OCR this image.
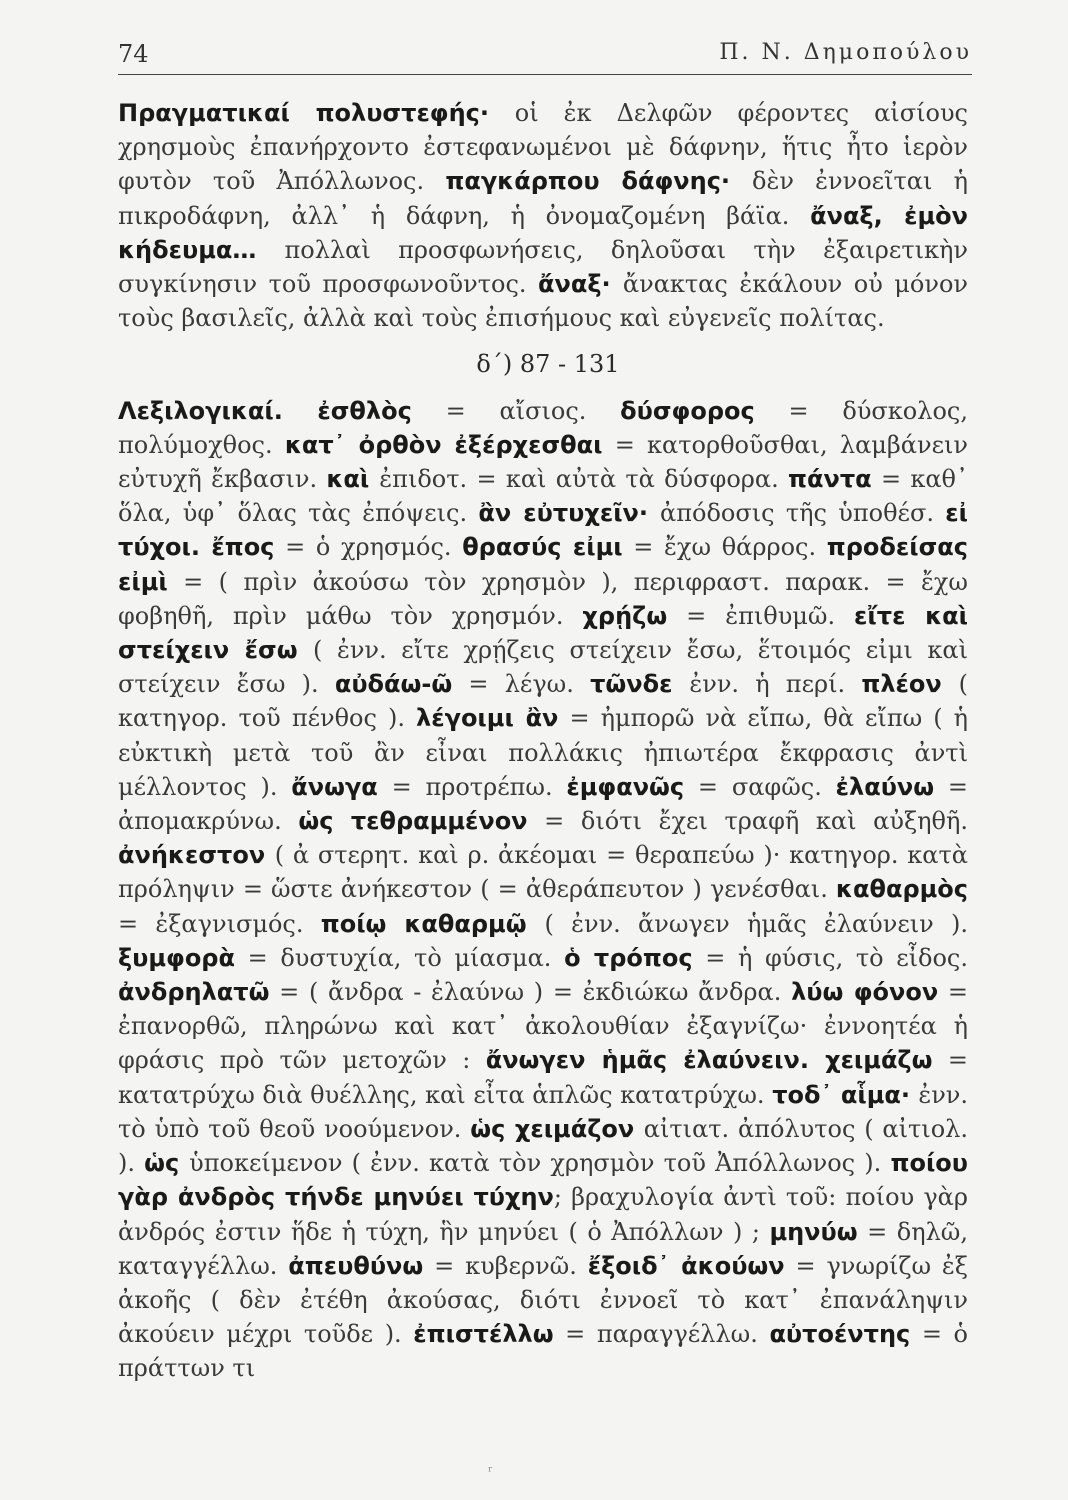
74	Π. Ν. Δημοπούλου

Πραγματικαί πολυστεφής· οἱ ἐκ Δελφῶν φέροντες αἰσίους χρησμοὺς ἐπανήρχοντο ἐστεφανωμένοι μὲ δάφνην, ἥτις ἦτο ἱερὸν φυτὸν τοῦ Ἀπόλλωνος. παγκάρπου δάφνης· δὲν ἐννοεῖται ἡ πικροδάφνη, ἀλλ᾿ ἡ δάφνη, ἡ ὀνομαζομένη βάϊα. ἄναξ, ἐμὸν κήδευμα… πολλαὶ προσφωνήσεις, δηλοῦσαι τὴν ἐξαιρετικὴν συγκίνησιν τοῦ προσφωνοῦντος. ἄναξ· ἄνακτας ἐκάλουν οὐ μόνον τοὺς βασιλεῖς, ἀλλὰ καὶ τοὺς ἐπισήμους καὶ εὐγενεῖς πολίτας.

δ΄) 87 - 131

Λεξιλογικαί. ἐσθλὸς = αἴσιος. δύσφορος = δύσκολος, πολύμοχθος. κατ᾿ ὀρθὸν ἐξέρχεσθαι = κατορθοῦσθαι, λαμβάνειν εὐτυχῆ ἔκβασιν. καὶ ἐπιδοτ. = καὶ αὐτὰ τὰ δύσφορα. πάντα = καθ᾿ ὅλα, ὑφ᾿ ὅλας τὰς ἐπόψεις. ἂν εὐτυχεῖν· ἀπόδοσις τῆς ὑποθέσ. εἰ τύχοι. ἔπος = ὁ χρησμός. θρασύς εἰμι = ἔχω θάρρος. προδείσας εἰμὶ = ( πρὶν ἀκούσω τὸν χρησμὸν ), περιφραστ. παρακ. = ἔχω φοβηθῆ, πρὶν μάθω τὸν χρησμόν. χρῄζω = ἐπιθυμῶ. εἴτε καὶ στείχειν ἔσω ( ἐνν. εἴτε χρῄζεις στείχειν ἔσω, ἕτοιμός εἰμι καὶ στείχειν ἔσω ). αὐδάω-ῶ = λέγω. τῶνδε ἐνν. ἡ περί. πλέον ( κατηγορ. τοῦ πένθος ). λέγοιμι ἂν = ἠμπορῶ νὰ εἴπω, θὰ εἴπω ( ἡ εὐκτικὴ μετὰ τοῦ ἂν εἶναι πολλάκις ἠπιωτέρα ἔκφρασις ἀντὶ μέλλοντος ). ἄνωγα = προτρέπω. ἐμφανῶς = σαφῶς. ἐλαύνω = ἀπομακρύνω. ὡς τεθραμμένον = διότι ἔχει τραφῆ καὶ αὐξηθῆ. ἀνήκεστον ( ἀ στερητ. καὶ ρ. ἀκέομαι = θεραπεύω )· κατηγορ. κατὰ πρόληψιν = ὥστε ἀνήκεστον ( = ἀθεράπευτον ) γενέσθαι. καθαρμὸς = ἐξαγνισμός. ποίῳ καθαρμῷ ( ἐνν. ἄνωγεν ἡμᾶς ἐλαύνειν ). ξυμφορὰ = δυστυχία, τὸ μίασμα. ὁ τρόπος = ἡ φύσις, τὸ εἶδος. ἀνδρηλατῶ = ( ἄνδρα - ἐλαύνω ) = ἐκδιώκω ἄνδρα. λύω φόνον = ἐπανορθῶ, πληρώνω καὶ κατ᾿ ἀκολουθίαν ἐξαγνίζω· ἐννοητέα ἡ φράσις πρὸ τῶν μετοχῶν : ἄνωγεν ἡμᾶς ἐλαύνειν. χειμάζω = κατατρύχω διὰ θυέλλης, καὶ εἶτα ἁπλῶς κατατρύχω. τοδ᾿ αἷμα· ἐνν. τὸ ὑπὸ τοῦ θεοῦ νοούμενον. ὡς χειμάζον αἰτιατ. ἀπόλυτος ( αἰτιολ. ). ὡς ὑποκείμενον ( ἐνν. κατὰ τὸν χρησμὸν τοῦ Ἀπόλλωνος ). ποίου γὰρ ἀνδρὸς τήνδε μηνύει τύχην; βραχυλογία ἀντὶ τοῦ: ποίου γὰρ ἀνδρός ἐστιν ἥδε ἡ τύχη, ἣν μηνύει ( ὁ Ἀπόλλων ) ; μηνύω = δηλῶ, καταγγέλλω. ἀπευθύνω = κυβερνῶ. ἔξοιδ᾿ ἀκούων = γνωρίζω ἐξ ἀκοῆς ( δὲν ἐτέθη ἀκούσας, διότι ἐννοεῖ τὸ κατ᾿ ἐπανάληψιν ἀκούειν μέχρι τοῦδε ). ἐπιστέλλω = παραγγέλλω. αὐτοέντης = ὁ πράττων τι

ʳ
